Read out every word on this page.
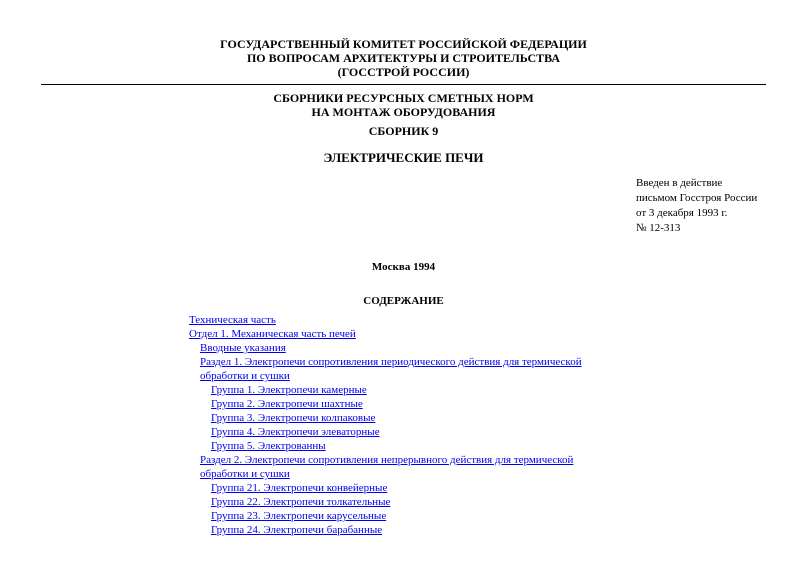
ГОСУДАРСТВЕННЫЙ КОМИТЕТ РОССИЙСКОЙ ФЕДЕРАЦИИ
ПО ВОПРОСАМ АРХИТЕКТУРЫ И СТРОИТЕЛЬСТВА
(ГОССТРОЙ РОССИИ)
СБОРНИКИ РЕСУРСНЫХ СМЕТНЫХ НОРМ
НА МОНТАЖ ОБОРУДОВАНИЯ
СБОРНИК 9
ЭЛЕКТРИЧЕСКИЕ ПЕЧИ
Введен в действие
письмом Госстроя России
от 3 декабря 1993 г.
№ 12-313
Москва 1994
СОДЕРЖАНИЕ
Техническая часть
Отдел 1. Механическая часть печей
Вводные указания
Раздел 1. Электропечи сопротивления периодического действия для термической
обработки и сушки
Группа 1. Электропечи камерные
Группа 2. Электропечи шахтные
Группа 3. Электропечи колпаковые
Группа 4. Электропечи элеваторные
Группа 5. Электрованны
Раздел 2. Электропечи сопротивления непрерывного действия для термической
обработки и сушки
Группа 21. Электропечи конвейерные
Группа 22. Электропечи толкательные
Группа 23. Электропечи карусельные
Группа 24. Электропечи барабанные
